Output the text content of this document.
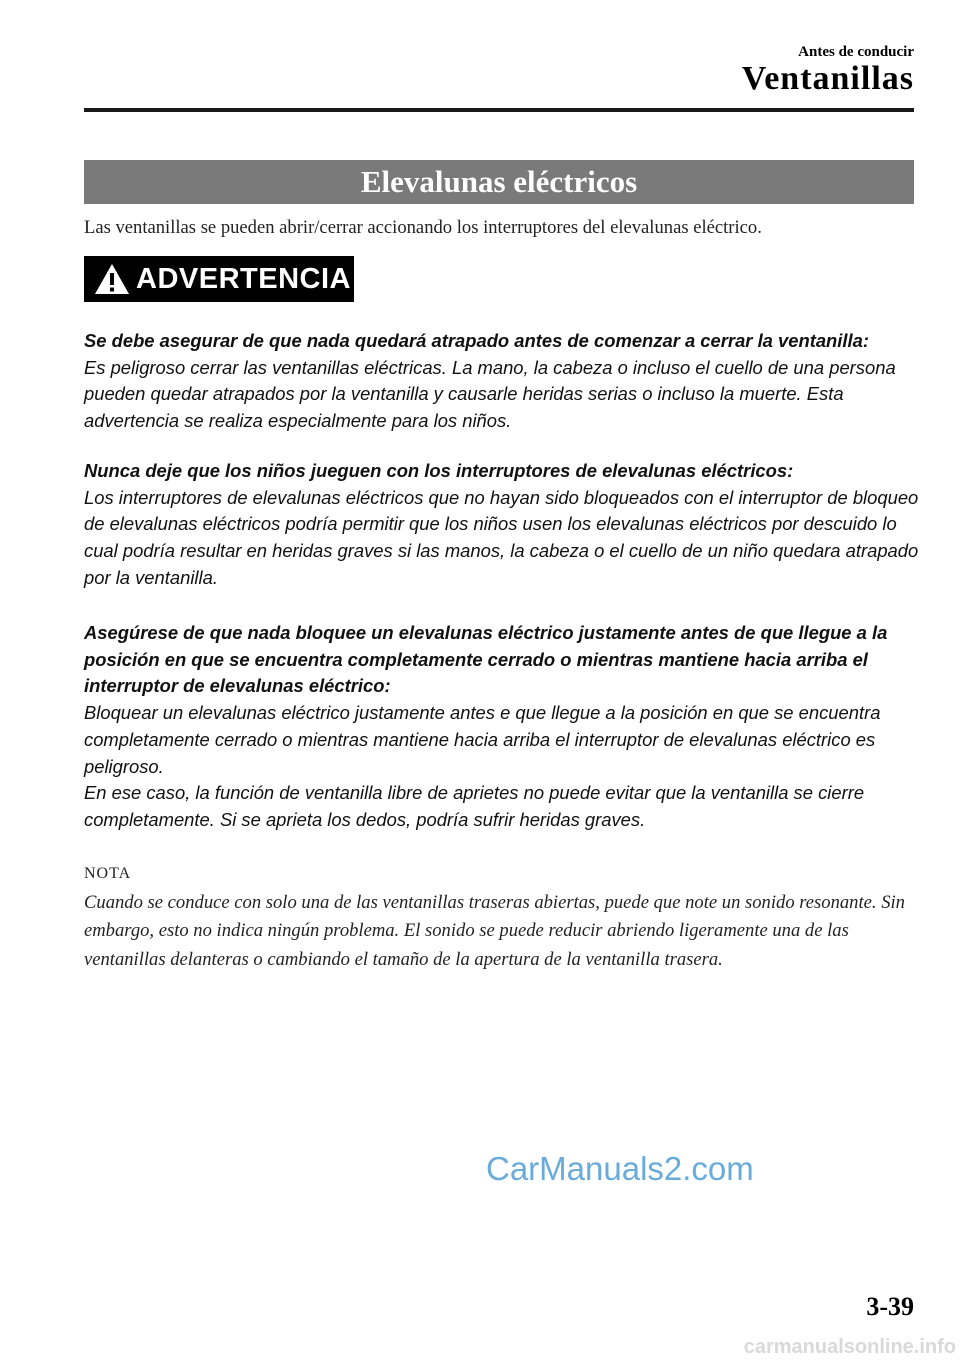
Antes de conducir
Ventanillas
Elevalunas eléctricos
Las ventanillas se pueden abrir/cerrar accionando los interruptores del elevalunas eléctrico.
ADVERTENCIA
Se debe asegurar de que nada quedará atrapado antes de comenzar a cerrar la ventanilla:
Es peligroso cerrar las ventanillas eléctricas. La mano, la cabeza o incluso el cuello de una persona pueden quedar atrapados por la ventanilla y causarle heridas serias o incluso la muerte. Esta advertencia se realiza especialmente para los niños.
Nunca deje que los niños jueguen con los interruptores de elevalunas eléctricos:
Los interruptores de elevalunas eléctricos que no hayan sido bloqueados con el interruptor de bloqueo de elevalunas eléctricos podría permitir que los niños usen los elevalunas eléctricos por descuido lo cual podría resultar en heridas graves si las manos, la cabeza o el cuello de un niño quedara atrapado por la ventanilla.
Asegúrese de que nada bloquee un elevalunas eléctrico justamente antes de que llegue a la posición en que se encuentra completamente cerrado o mientras mantiene hacia arriba el interruptor de elevalunas eléctrico:
Bloquear un elevalunas eléctrico justamente antes e que llegue a la posición en que se encuentra completamente cerrado o mientras mantiene hacia arriba el interruptor de elevalunas eléctrico es peligroso.
En ese caso, la función de ventanilla libre de aprietes no puede evitar que la ventanilla se cierre completamente. Si se aprieta los dedos, podría sufrir heridas graves.
NOTA
Cuando se conduce con solo una de las ventanillas traseras abiertas, puede que note un sonido resonante. Sin embargo, esto no indica ningún problema. El sonido se puede reducir abriendo ligeramente una de las ventanillas delanteras o cambiando el tamaño de la apertura de la ventanilla trasera.
CarManuals2.com
3-39
carmanualsonline.info
